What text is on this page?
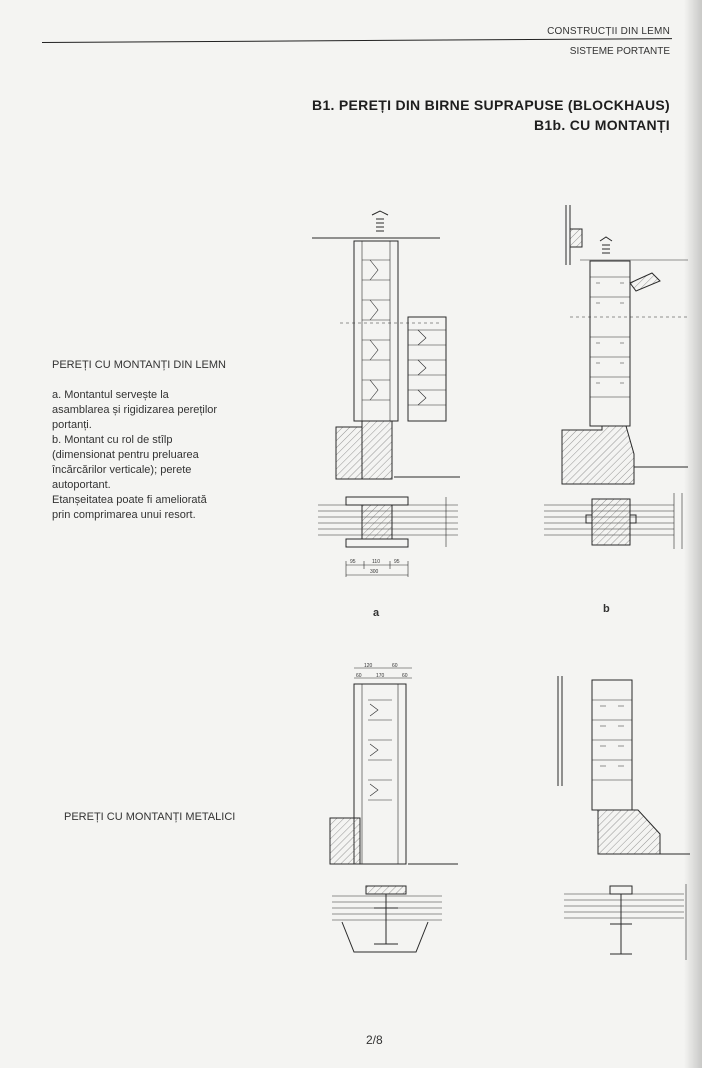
CONSTRUCȚII DIN LEMN
SISTEME PORTANTE
B1. PEREȚI DIN BIRNE SUPRAPUSE (BLOCKHAUS)
B1b. CU MONTANȚI
PEREȚI CU MONTANȚI DIN LEMN

a. Montantul servește la

asamblarea și rigidizarea pereților

portanți.

b. Montant cu rol de stîlp

(dimensionat pentru preluarea

încărcărilor verticale); perete

autoportant.

Etanșeitatea poate fi ameliorată

prin comprimarea unui resort.

PEREȚI CU MONTANȚI METALICI
95	110	95
300
a	b
120	60
60	170	60
2/8
